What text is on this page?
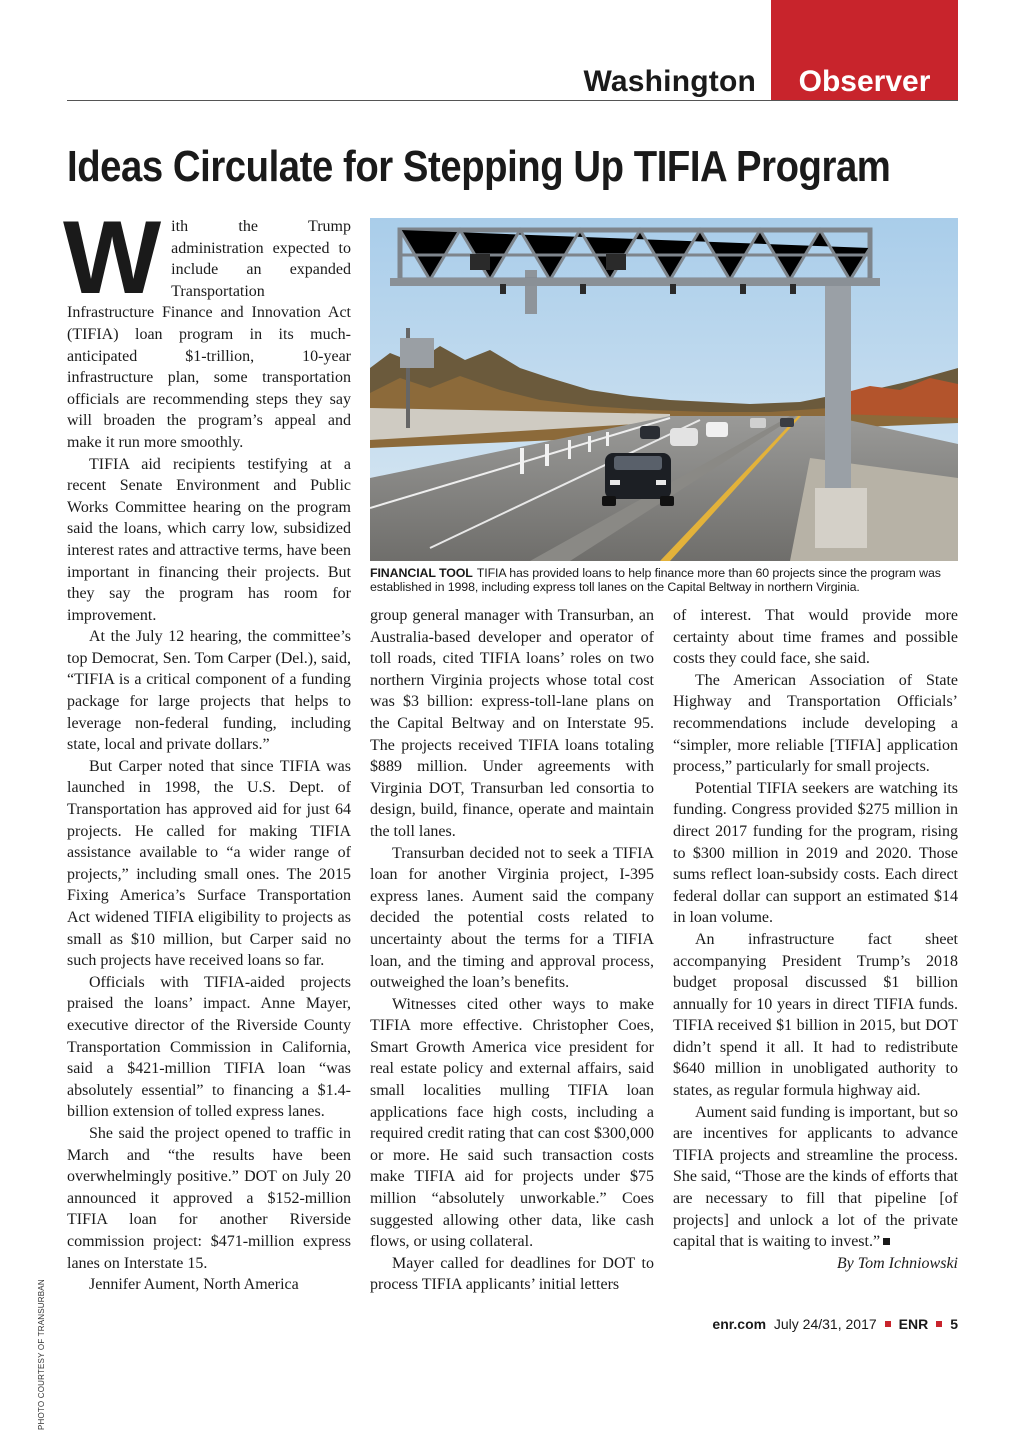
Washington	Observer
Ideas Circulate for Stepping Up TIFIA Program

With the Trump administration expected to include an expanded Transportation Infrastructure Finance and Innovation Act (TIFIA) loan program in its much-anticipated $1-trillion, 10-year infrastructure plan, some transportation officials are recommending steps they say will broaden the program’s appeal and make it run more smoothly.

TIFIA aid recipients testifying at a recent Senate Environment and Public Works Committee hearing on the program said the loans, which carry low, subsidized interest rates and attractive terms, have been important in financing their projects. But they say the program has room for improvement.

At the July 12 hearing, the committee’s top Democrat, Sen. Tom Carper (Del.), said, “TIFIA is a critical component of a funding package for large projects that helps to leverage non-federal funding, including state, local and private dollars.”

But Carper noted that since TIFIA was launched in 1998, the U.S. Dept. of Transportation has approved aid for just 64 projects. He called for making TIFIA assistance available to “a wider range of projects,” including small ones. The 2015 Fixing America’s Surface Transportation Act widened TIFIA eligibility to projects as small as $10 million, but Carper said no such projects have received loans so far.

Officials with TIFIA-aided projects praised the loans’ impact. Anne Mayer, executive director of the Riverside County Transportation Commission in California, said a $421-million TIFIA loan “was absolutely essential” to financing a $1.4-billion extension of tolled express lanes.

She said the project opened to traffic in March and “the results have been overwhelmingly positive.” DOT on July 20 announced it approved a $152-million TIFIA loan for another Riverside commission project: $471-million express lanes on Interstate 15.

Jennifer Aument, North America

FINANCIAL TOOL TIFIA has provided loans to help finance more than 60 projects since the program was established in 1998, including express toll lanes on the Capital Beltway in northern Virginia.

group general manager with Transurban, an Australia-based developer and operator of toll roads, cited TIFIA loans’ roles on two northern Virginia projects whose total cost was $3 billion: express-toll-lane plans on the Capital Beltway and on Interstate 95. The projects received TIFIA loans totaling $889 million. Under agreements with Virginia DOT, Transurban led consortia to design, build, finance, operate and maintain the toll lanes.

Transurban decided not to seek a TIFIA loan for another Virginia project, I-395 express lanes. Aument said the company decided the potential costs related to uncertainty about the terms for a TIFIA loan, and the timing and approval process, outweighed the loan’s benefits.

Witnesses cited other ways to make TIFIA more effective. Christopher Coes, Smart Growth America vice president for real estate policy and external affairs, said small localities mulling TIFIA loan applications face high costs, including a required credit rating that can cost $300,000 or more. He said such transaction costs make TIFIA aid for projects under $75 million “absolutely unworkable.” Coes suggested allowing other data, like cash flows, or using collateral.

Mayer called for deadlines for DOT to process TIFIA applicants’ initial letters

of interest. That would provide more certainty about time frames and possible costs they could face, she said.

The American Association of State Highway and Transportation Officials’ recommendations include developing a “simpler, more reliable [TIFIA] application process,” particularly for small projects.

Potential TIFIA seekers are watching its funding. Congress provided $275 million in direct 2017 funding for the program, rising to $300 million in 2019 and 2020. Those sums reflect loan-subsidy costs. Each direct federal dollar can support an estimated $14 in loan volume.

An infrastructure fact sheet accompanying President Trump’s 2018 budget proposal discussed $1 billion annually for 10 years in direct TIFIA funds. TIFIA received $1 billion in 2015, but DOT didn’t spend it all. It had to redistribute $640 million in unobligated authority to states, as regular formula highway aid.

Aument said funding is important, but so are incentives for applicants to advance TIFIA projects and streamline the process. She said, “Those are the kinds of efforts that are necessary to fill that pipeline [of projects] and unlock a lot of the private capital that is waiting to invest.”

By Tom Ichniowski

PHOTO COURTESY OF TRANSURBAN	enr.com July 24/31, 2017 ENR 5
